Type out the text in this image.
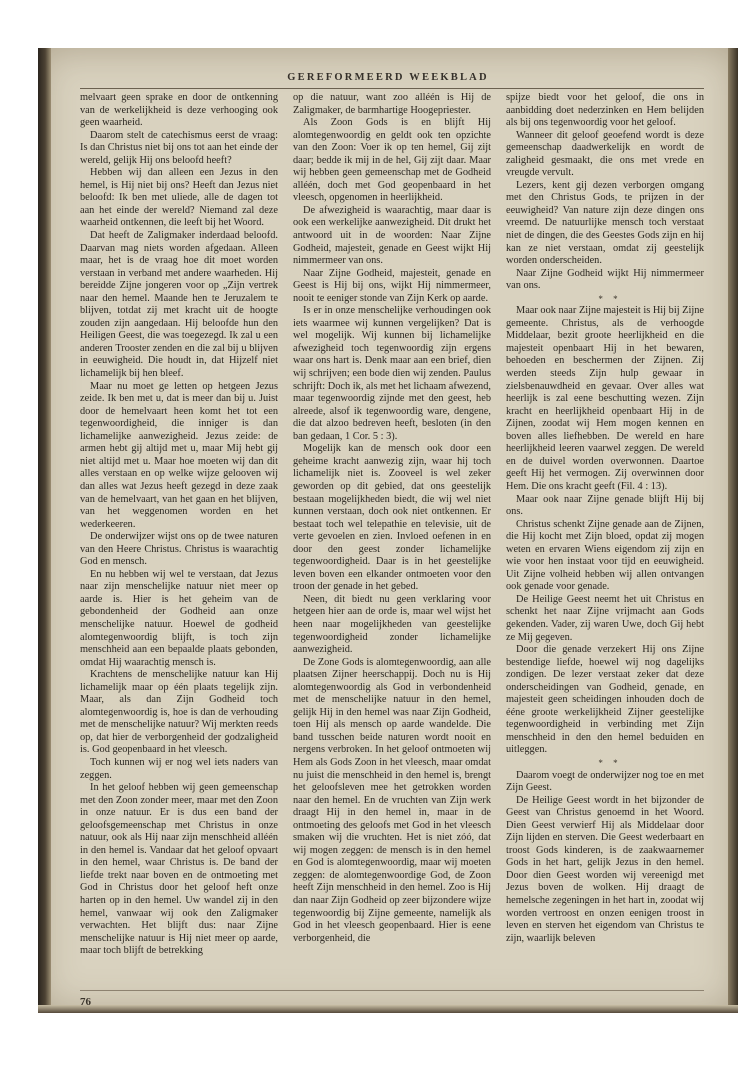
GEREFORMEERD WEEKBLAD

melvaart geen sprake en door de ontkenning van de werkelijkheid is deze verhooging ook geen waarheid.

Daarom stelt de catechismus eerst de vraag: Is dan Christus niet bij ons tot aan het einde der wereld, gelijk Hij ons beloofd heeft?

Hebben wij dan alleen een Jezus in den hemel, is Hij niet bij ons? Heeft dan Jezus niet beloofd: Ik ben met uliede, alle de dagen tot aan het einde der wereld? Niemand zal deze waarheid ontkennen, die leeft bij het Woord.

Dat heeft de Zaligmaker inderdaad beloofd. Daarvan mag niets worden afgedaan. Alleen maar, het is de vraag hoe dit moet worden verstaan in verband met andere waarheden. Hij bereidde Zijne jongeren voor op „Zijn vertrek naar den hemel. Maande hen te Jeruzalem te blijven, totdat zij met kracht uit de hoogte zouden zijn aangedaan. Hij beloofde hun den Heiligen Geest, die was toegezegd. Ik zal u een anderen Trooster zenden en die zal bij u blijven in eeuwigheid. Die houdt in, dat Hijzelf niet lichamelijk bij hen bleef.

Maar nu moet ge letten op hetgeen Jezus zeide. Ik ben met u, dat is meer dan bij u. Juist door de hemelvaart heen komt het tot een tegenwoordigheid, die inniger is dan lichamelijke aanwezigheid. Jezus zeide: de armen hebt gij altijd met u, maar Mij hebt gij niet altijd met u. Maar hoe moeten wij dan dit alles verstaan en op welke wijze gelooven wij dan alles wat Jezus heeft gezegd in deze zaak van de hemelvaart, van het gaan en het blijven, van het weggenomen worden en het wederkeeren.

De onderwijzer wijst ons op de twee naturen van den Heere Christus. Christus is waarachtig God en mensch.

En nu hebben wij wel te verstaan, dat Jezus naar zijn menschelijke natuur niet meer op aarde is. Hier is het geheim van de gebondenheid der Godheid aan onze menschelijke natuur. Hoewel de godheid alomtegenwoordig blijft, is toch zijn menschheid aan een bepaalde plaats gebonden, omdat Hij waarachtig mensch is.

Krachtens de menschelijke natuur kan Hij lichamelijk maar op één plaats tegelijk zijn. Maar, als dan Zijn Godheid toch alomtegenwoordig is, hoe is dan de verhouding met de menschelijke natuur? Wij merkten reeds op, dat hier de verborgenheid der godzaligheid is. God geopenbaard in het vleesch.

Toch kunnen wij er nog wel iets naders van zeggen.

In het geloof hebben wij geen gemeenschap met den Zoon zonder meer, maar met den Zoon in onze natuur. Er is dus een band der geloofsgemeenschap met Christus in onze natuur, ook als Hij naar zijn menschheid alléén in den hemel is. Vandaar dat het geloof opvaart in den hemel, waar Christus is. De band der liefde trekt naar boven en de ontmoeting met God in Christus door het geloof heft onze harten op in den hemel. Uw wandel zij in den hemel, vanwaar wij ook den Zaligmaker verwachten. Het blijft dus: naar Zijne menschelijke natuur is Hij niet meer op aarde, maar toch blijft de betrekking

op die natuur, want zoo alléén is Hij de Zaligmaker, de barmhartige Hoogepriester.

Als Zoon Gods is en blijft Hij alomtegenwoordig en geldt ook ten opzichte van den Zoon: Voer ik op ten hemel, Gij zijt daar; bedde ik mij in de hel, Gij zijt daar. Maar wij hebben geen gemeenschap met de Godheid alléén, doch met God geopenbaard in het vleesch, opgenomen in heerlijkheid.

De afwezigheid is waarachtig, maar daar is ook een werkelijke aanwezigheid. Dit drukt het antwoord uit in de woorden: Naar Zijne Godheid, majesteit, genade en Geest wijkt Hij nimmermeer van ons.

Naar Zijne Godheid, majesteit, genade en Geest is Hij bij ons, wijkt Hij nimmermeer, nooit te eeniger stonde van Zijn Kerk op aarde.

Is er in onze menschelijke verhoudingen ook iets waarmee wij kunnen vergelijken? Dat is wel mogelijk. Wij kunnen bij lichamelijke afwezigheid toch tegenwoordig zijn ergens waar ons hart is. Denk maar aan een brief, dien wij schrijven; een bode dien wij zenden. Paulus schrijft: Doch ik, als met het lichaam afwezend, maar tegenwoordig zijnde met den geest, heb alreede, alsof ik tegenwoordig ware, dengene, die dat alzoo bedreven heeft, besloten (in den ban gedaan, 1 Cor. 5 : 3).

Mogelijk kan de mensch ook door een geheime kracht aanwezig zijn, waar hij toch lichamelijk niet is. Zooveel is wel zeker geworden op dit gebied, dat ons geestelijk bestaan mogelijkheden biedt, die wij wel niet kunnen verstaan, doch ook niet ontkennen. Er bestaat toch wel telepathie en televisie, uit de verte gevoelen en zien. Invloed oefenen in en door den geest zonder lichamelijke tegenwoordigheid. Daar is in het geestelijke leven boven een elkander ontmoeten voor den troon der genade in het gebed.

Neen, dit biedt nu geen verklaring voor hetgeen hier aan de orde is, maar wel wijst het heen naar mogelijkheden van geestelijke tegenwoordigheid zonder lichamelijke aanwezigheid.

De Zone Gods is alomtegenwoordig, aan alle plaatsen Zijner heerschappij. Doch nu is Hij alomtegenwoordig als God in verbondenheid met de menschelijke natuur in den hemel, gelijk Hij in den hemel was naar Zijn Godheid, toen Hij als mensch op aarde wandelde. Die band tusschen beide naturen wordt nooit en nergens verbroken. In het geloof ontmoeten wij Hem als Gods Zoon in het vleesch, maar omdat nu juist die menschheid in den hemel is, brengt het geloofsleven mee het getrokken worden naar den hemel. En de vruchten van Zijn werk draagt Hij in den hemel in, maar in de ontmoeting des geloofs met God in het vleesch smaken wij die vruchten. Het is niet zóó, dat wij mogen zeggen: de mensch is in den hemel en God is alomtegenwoordig, maar wij moeten zeggen: de alomtegenwoordige God, de Zoon heeft Zijn menschheid in den hemel. Zoo is Hij dan naar Zijn Godheid op zeer bijzondere wijze tegenwoordig bij Zijne gemeente, namelijk als God in het vleesch geopenbaard. Hier is eene verborgenheid, die

spijze biedt voor het geloof, die ons in aanbidding doet nederzinken en Hem belijden als bij ons tegenwoordig voor het geloof.

Wanneer dit geloof geoefend wordt is deze gemeenschap daadwerkelijk en wordt de zaligheid gesmaakt, die ons met vrede en vreugde vervult.

Lezers, kent gij dezen verborgen omgang met den Christus Gods, te prijzen in der eeuwigheid? Van nature zijn deze dingen ons vreemd. De natuurlijke mensch toch verstaat niet de dingen, die des Geestes Gods zijn en hij kan ze niet verstaan, omdat zij geestelijk worden onderscheiden.

Naar Zijne Godheid wijkt Hij nimmermeer van ons.

* *

Maar ook naar Zijne majesteit is Hij bij Zijne gemeente. Christus, als de verhoogde Middelaar, bezit groote heerlijkheid en die majesteit openbaart Hij in het bewaren, behoeden en beschermen der Zijnen. Zij werden steeds Zijn hulp gewaar in zielsbenauwdheid en gevaar. Over alles wat heerlijk is zal eene beschutting wezen. Zijn kracht en heerlijkheid openbaart Hij in de Zijnen, zoodat wij Hem mogen kennen en boven alles liefhebben. De wereld en hare heerlijkheid leeren vaarwel zeggen. De wereld en de duivel worden overwonnen. Daartoe geeft Hij het vermogen. Zij overwinnen door Hem. Die ons kracht geeft (Fil. 4 : 13).

Maar ook naar Zijne genade blijft Hij bij ons.

Christus schenkt Zijne genade aan de Zijnen, die Hij kocht met Zijn bloed, opdat zij mogen weten en ervaren Wiens eigendom zij zijn en wie voor hen instaat voor tijd en eeuwigheid. Uit Zijne volheid hebben wij allen ontvangen ook genade voor genade.

De Heilige Geest neemt het uit Christus en schenkt het naar Zijne vrijmacht aan Gods gekenden. Vader, zij waren Uwe, doch Gij hebt ze Mij gegeven.

Door die genade verzekert Hij ons Zijne bestendige liefde, hoewel wij nog dagelijks zondigen. De lezer verstaat zeker dat deze onderscheidingen van Godheid, genade, en majesteit geen scheidingen inhouden doch de ééne groote werkelijkheid Zijner geestelijke tegenwoordigheid in verbinding met Zijn menschheid in den den hemel beduiden en uitleggen.

* *

Daarom voegt de onderwijzer nog toe en met Zijn Geest.

De Heilige Geest wordt in het bijzonder de Geest van Christus genoemd in het Woord. Dien Geest verwierf Hij als Middelaar door Zijn lijden en sterven. Die Geest wederbaart en troost Gods kinderen, is de zaakwaarnemer Gods in het hart, gelijk Jezus in den hemel. Door dien Geest worden wij vereenigd met Jezus boven de wolken. Hij draagt de hemelsche zegeningen in het hart in, zoodat wij worden vertroost en onzen eenigen troost in leven en sterven het eigendom van Christus te zijn, waarlijk beleven

76
